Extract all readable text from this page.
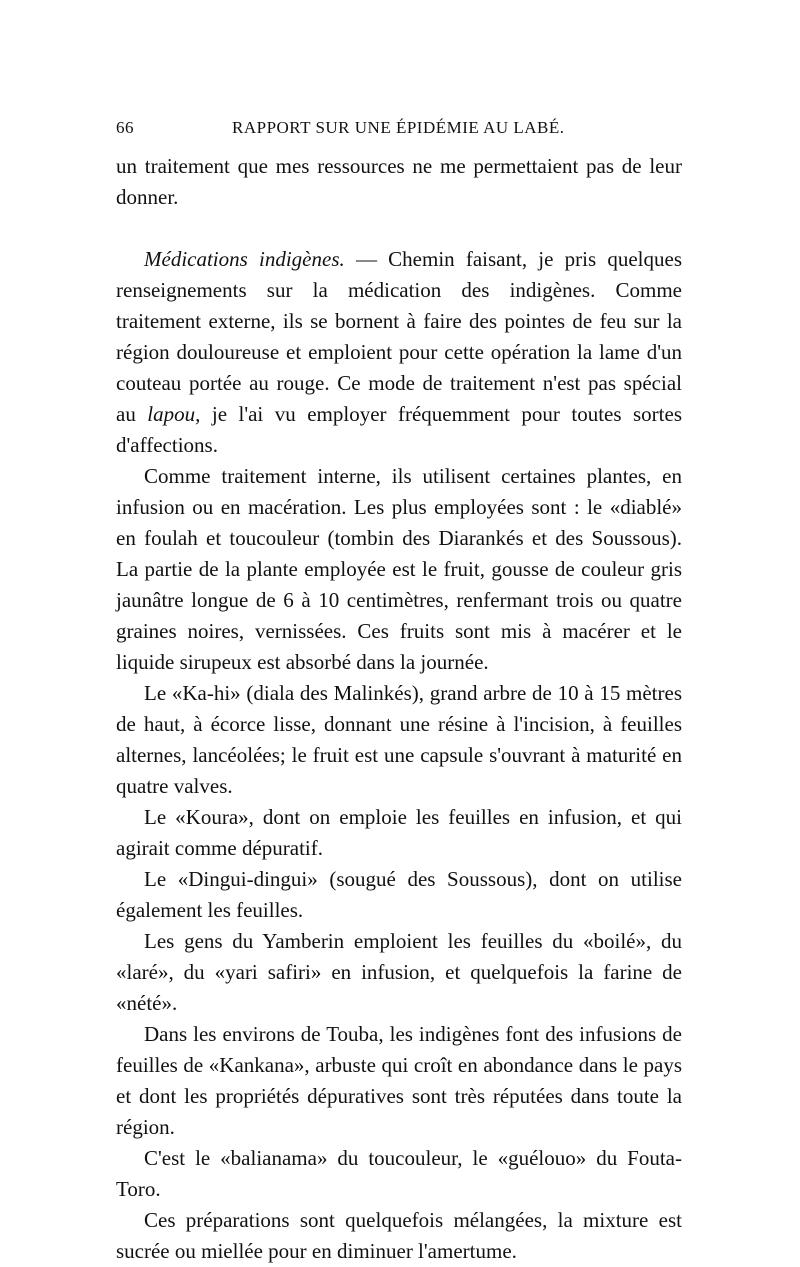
66	RAPPORT SUR UNE ÉPIDÉMIE AU LABÉ.

un traitement que mes ressources ne me permettaient pas de leur donner.

Médications indigènes. — Chemin faisant, je pris quelques renseignements sur la médication des indigènes. Comme traitement externe, ils se bornent à faire des pointes de feu sur la région douloureuse et emploient pour cette opération la lame d'un couteau portée au rouge. Ce mode de traitement n'est pas spécial au lapou, je l'ai vu employer fréquemment pour toutes sortes d'affections.

Comme traitement interne, ils utilisent certaines plantes, en infusion ou en macération. Les plus employées sont : le «diablé» en foulah et toucouleur (tombin des Diarankés et des Soussous). La partie de la plante employée est le fruit, gousse de couleur gris jaunâtre longue de 6 à 10 centimètres, renfermant trois ou quatre graines noires, vernissées. Ces fruits sont mis à macérer et le liquide sirupeux est absorbé dans la journée.

Le «Ka-hi» (diala des Malinkés), grand arbre de 10 à 15 mètres de haut, à écorce lisse, donnant une résine à l'incision, à feuilles alternes, lancéolées; le fruit est une capsule s'ouvrant à maturité en quatre valves.

Le «Koura», dont on emploie les feuilles en infusion, et qui agirait comme dépuratif.

Le «Dingui-dingui» (sougué des Soussous), dont on utilise également les feuilles.

Les gens du Yamberin emploient les feuilles du «boilé», du «laré», du «yari safiri» en infusion, et quelquefois la farine de «nété».

Dans les environs de Touba, les indigènes font des infusions de feuilles de «Kankana», arbuste qui croît en abondance dans le pays et dont les propriétés dépuratives sont très réputées dans toute la région.

C'est le «balianama» du toucouleur, le «guélouo» du Fouta-Toro.

Ces préparations sont quelquefois mélangées, la mixture est sucrée ou miellée pour en diminuer l'amertume.
